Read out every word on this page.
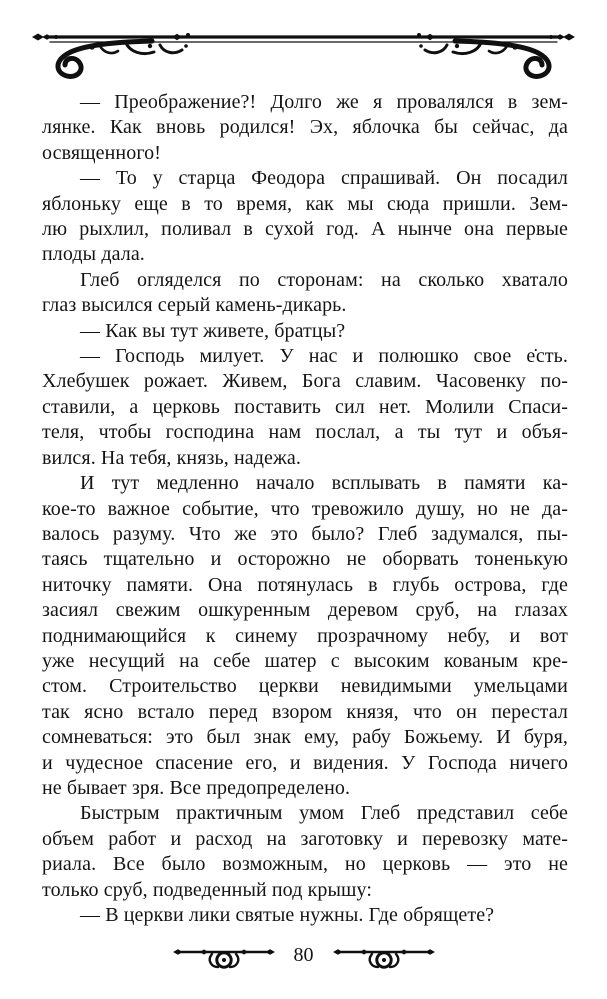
— Преображение?! Долго же я провалялся в зем-
лянке. Как вновь родился! Эх, яблочка бы сейчас, да
освященного!
— То у старца Феодора спрашивай. Он посадил
яблоньку еще в то время, как мы сюда пришли. Зем-
лю рыхлил, поливал в сухой год. А нынче она первые
плоды дала.
Глеб огляделся по сторонам: на сколько хватало
глаз высился серый камень-дикарь.
— Как вы тут живете, братцы?
— Господь милует. У нас и полюшко свое е̇сть.
Хлебушек рожает. Живем, Бога славим. Часовенку по-
ставили, а церковь поставить сил нет. Молили Спаси-
теля, чтобы господина нам послал, а ты тут и объя-
вился. На тебя, князь, надежа.
И тут медленно начало всплывать в памяти ка-
кое-то важное событие, что тревожило душу, но не да-
валось разуму. Что же это было? Глеб задумался, пы-
таясь тщательно и осторожно не оборвать тоненькую
ниточку памяти. Она потянулась в глубь острова, где
засиял свежим ошкуренным деревом сруб, на глазах
поднимающийся к синему прозрачному небу, и вот
уже несущий на себе шатер с высоким кованым кре-
стом. Строительство церкви невидимыми умельцами
так ясно встало перед взором князя, что он перестал
сомневаться: это был знак ему, рабу Божьему. И буря,
и чудесное спасение его, и видения. У Господа ничего
не бывает зря. Все предопределено.
Быстрым практичным умом Глеб представил себе
объем работ и расход на заготовку и перевозку мате-
риала. Все было возможным, но церковь — это не
только сруб, подведенный под крышу:
— В церкви лики святые нужны. Где обрящете?
80
